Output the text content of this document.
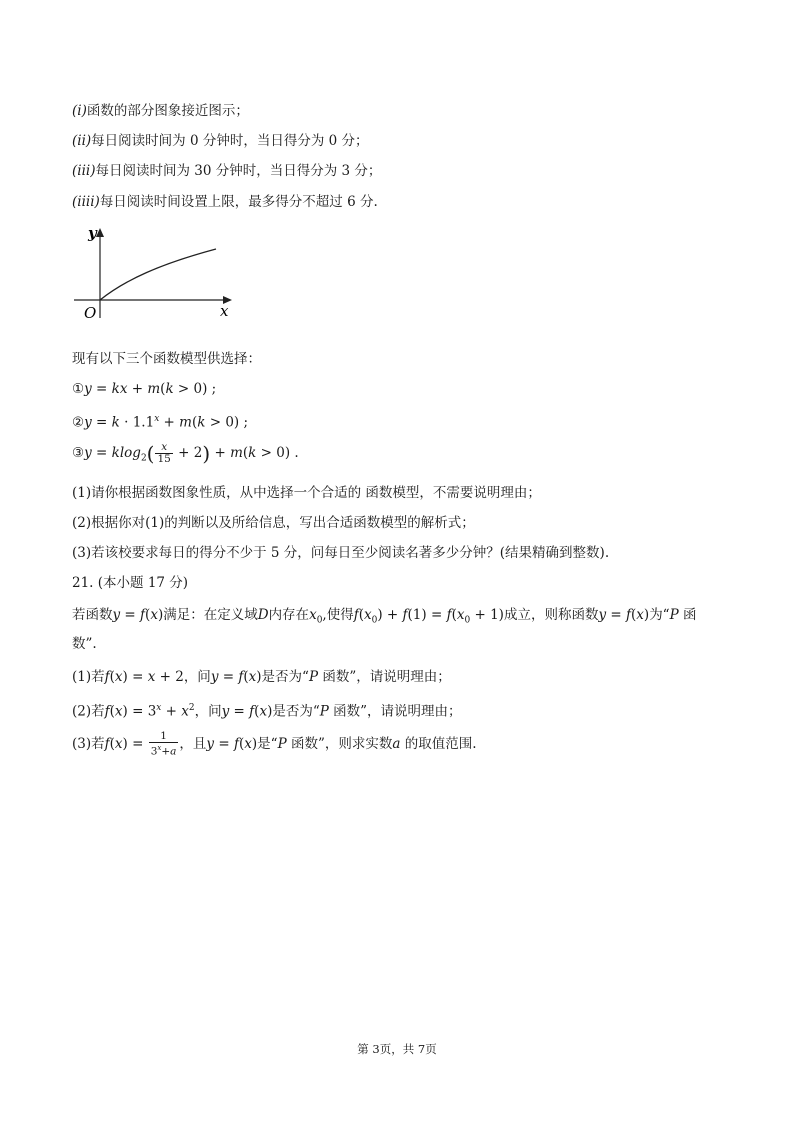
(i)函数的部分图象接近图示；
(ii)每日阅读时间为 0 分钟时，当日得分为 0 分；
(iii)每日阅读时间为 30 分钟时，当日得分为 3 分；
(iiii)每日阅读时间设置上限，最多得分不超过 6 分.
y
O	x
现有以下三个函数模型供选择：
①y = kx + m(k > 0) ;
②y = $k \cdot 1.1^x + m(k > 0)$ ;
③y = $klog_2( \frac{x}{15} + 2) + m(k > 0)$ .
(1)请你根据函数图象性质，从中选择一个合适的 函数模型，不需要说明理由；
(2)根据你对(1)的判断以及所给信息，写出合适函数模型的解析式；
(3)若该校要求每日的得分不少于 5 分，问每日至少阅读名著多少分钟？(结果精确到整数).
21. (本小题 17 分)
若函数y = f(x)满足：在定义域D内存在$x_0$,使得$f(x_0) + f(1) = f(x_0 + 1)$成立，则称函数y = f(x)为“P 函
数”.
(1)若f(x) = x + 2，问y = f(x)是否为“P 函数”，请说明理由；
(2)若$f(x) = 3^x + x^2$，问y = f(x)是否为“P 函数”，请说明理由；
(3)若$f(x) = \frac{1}{3^x+a}$ ，且y = f(x)是“P 函数”，则求实数a 的取值范围.
第 3页，共 7页
